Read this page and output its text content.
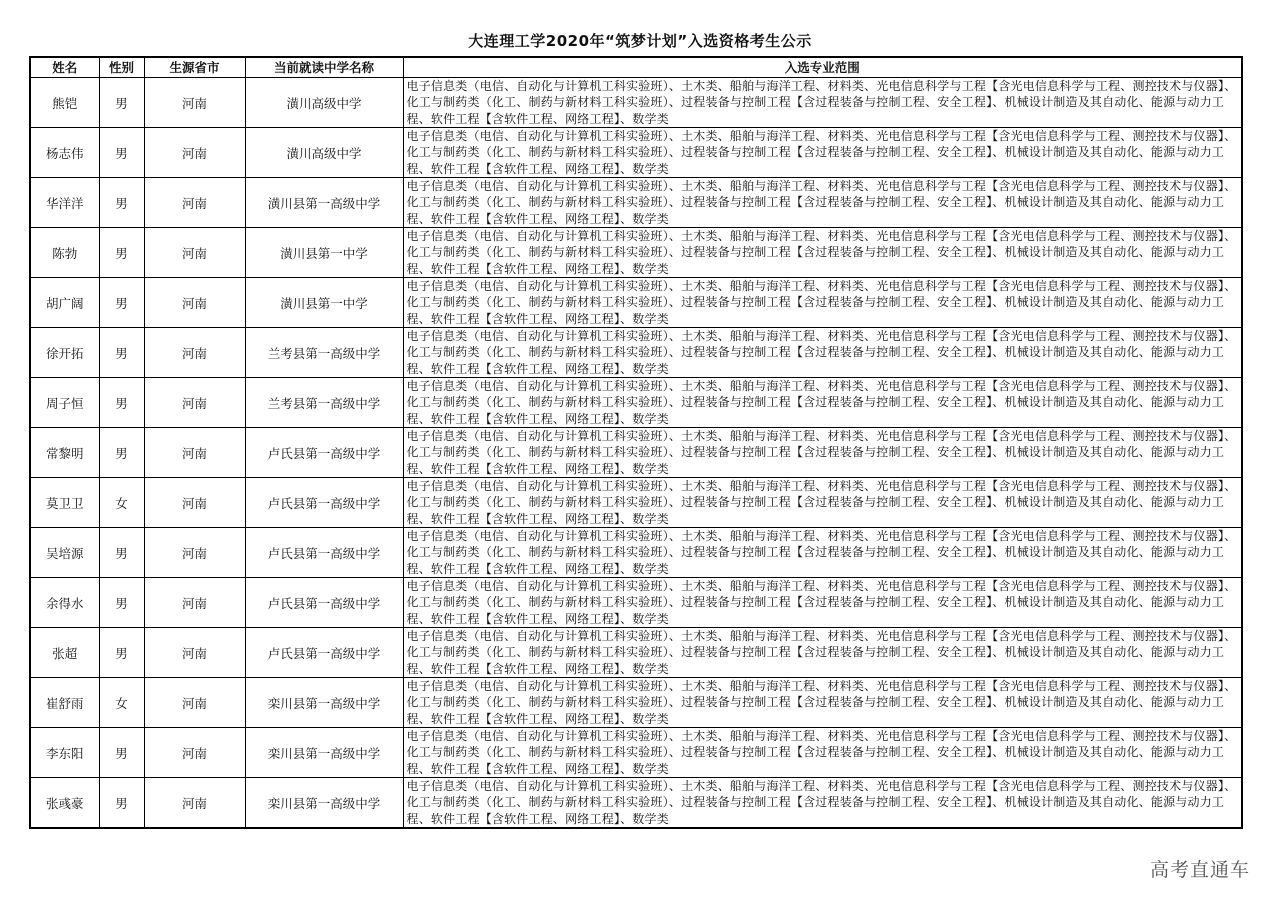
大连理工学2020年“筑梦计划”入选资格考生公示
姓名	性别	生源省市	当前就读中学名称	入选专业范围
熊铠	男	河南	潢川高级中学	电子信息类（电信、自动化与计算机工科实验班）、土木类、船舶与海洋工程、材料类、光电信息科学与工程【含光电信息科学与工程、测控技术与仪器】、化工与制药类（化工、制药与新材料工科实验班）、过程装备与控制工程【含过程装备与控制工程、安全工程】、机械设计制造及其自动化、能源与动力工程、软件工程【含软件工程、网络工程】、数学类
杨志伟	男	河南	潢川高级中学	电子信息类（电信、自动化与计算机工科实验班）、土木类、船舶与海洋工程、材料类、光电信息科学与工程【含光电信息科学与工程、测控技术与仪器】、化工与制药类（化工、制药与新材料工科实验班）、过程装备与控制工程【含过程装备与控制工程、安全工程】、机械设计制造及其自动化、能源与动力工程、软件工程【含软件工程、网络工程】、数学类
华洋洋	男	河南	潢川县第一高级中学	电子信息类（电信、自动化与计算机工科实验班）、土木类、船舶与海洋工程、材料类、光电信息科学与工程【含光电信息科学与工程、测控技术与仪器】、化工与制药类（化工、制药与新材料工科实验班）、过程装备与控制工程【含过程装备与控制工程、安全工程】、机械设计制造及其自动化、能源与动力工程、软件工程【含软件工程、网络工程】、数学类
陈勃	男	河南	潢川县第一中学	电子信息类（电信、自动化与计算机工科实验班）、土木类、船舶与海洋工程、材料类、光电信息科学与工程【含光电信息科学与工程、测控技术与仪器】、化工与制药类（化工、制药与新材料工科实验班）、过程装备与控制工程【含过程装备与控制工程、安全工程】、机械设计制造及其自动化、能源与动力工程、软件工程【含软件工程、网络工程】、数学类
胡广阔	男	河南	潢川县第一中学	电子信息类（电信、自动化与计算机工科实验班）、土木类、船舶与海洋工程、材料类、光电信息科学与工程【含光电信息科学与工程、测控技术与仪器】、化工与制药类（化工、制药与新材料工科实验班）、过程装备与控制工程【含过程装备与控制工程、安全工程】、机械设计制造及其自动化、能源与动力工程、软件工程【含软件工程、网络工程】、数学类
徐开拓	男	河南	兰考县第一高级中学	电子信息类（电信、自动化与计算机工科实验班）、土木类、船舶与海洋工程、材料类、光电信息科学与工程【含光电信息科学与工程、测控技术与仪器】、化工与制药类（化工、制药与新材料工科实验班）、过程装备与控制工程【含过程装备与控制工程、安全工程】、机械设计制造及其自动化、能源与动力工程、软件工程【含软件工程、网络工程】、数学类
周子恒	男	河南	兰考县第一高级中学	电子信息类（电信、自动化与计算机工科实验班）、土木类、船舶与海洋工程、材料类、光电信息科学与工程【含光电信息科学与工程、测控技术与仪器】、化工与制药类（化工、制药与新材料工科实验班）、过程装备与控制工程【含过程装备与控制工程、安全工程】、机械设计制造及其自动化、能源与动力工程、软件工程【含软件工程、网络工程】、数学类
常黎明	男	河南	卢氏县第一高级中学	电子信息类（电信、自动化与计算机工科实验班）、土木类、船舶与海洋工程、材料类、光电信息科学与工程【含光电信息科学与工程、测控技术与仪器】、化工与制药类（化工、制药与新材料工科实验班）、过程装备与控制工程【含过程装备与控制工程、安全工程】、机械设计制造及其自动化、能源与动力工程、软件工程【含软件工程、网络工程】、数学类
莫卫卫	女	河南	卢氏县第一高级中学	电子信息类（电信、自动化与计算机工科实验班）、土木类、船舶与海洋工程、材料类、光电信息科学与工程【含光电信息科学与工程、测控技术与仪器】、化工与制药类（化工、制药与新材料工科实验班）、过程装备与控制工程【含过程装备与控制工程、安全工程】、机械设计制造及其自动化、能源与动力工程、软件工程【含软件工程、网络工程】、数学类
吴培源	男	河南	卢氏县第一高级中学	电子信息类（电信、自动化与计算机工科实验班）、土木类、船舶与海洋工程、材料类、光电信息科学与工程【含光电信息科学与工程、测控技术与仪器】、化工与制药类（化工、制药与新材料工科实验班）、过程装备与控制工程【含过程装备与控制工程、安全工程】、机械设计制造及其自动化、能源与动力工程、软件工程【含软件工程、网络工程】、数学类
余得水	男	河南	卢氏县第一高级中学	电子信息类（电信、自动化与计算机工科实验班）、土木类、船舶与海洋工程、材料类、光电信息科学与工程【含光电信息科学与工程、测控技术与仪器】、化工与制药类（化工、制药与新材料工科实验班）、过程装备与控制工程【含过程装备与控制工程、安全工程】、机械设计制造及其自动化、能源与动力工程、软件工程【含软件工程、网络工程】、数学类
张超	男	河南	卢氏县第一高级中学	电子信息类（电信、自动化与计算机工科实验班）、土木类、船舶与海洋工程、材料类、光电信息科学与工程【含光电信息科学与工程、测控技术与仪器】、化工与制药类（化工、制药与新材料工科实验班）、过程装备与控制工程【含过程装备与控制工程、安全工程】、机械设计制造及其自动化、能源与动力工程、软件工程【含软件工程、网络工程】、数学类
崔舒雨	女	河南	栾川县第一高级中学	电子信息类（电信、自动化与计算机工科实验班）、土木类、船舶与海洋工程、材料类、光电信息科学与工程【含光电信息科学与工程、测控技术与仪器】、化工与制药类（化工、制药与新材料工科实验班）、过程装备与控制工程【含过程装备与控制工程、安全工程】、机械设计制造及其自动化、能源与动力工程、软件工程【含软件工程、网络工程】、数学类
李东阳	男	河南	栾川县第一高级中学	电子信息类（电信、自动化与计算机工科实验班）、土木类、船舶与海洋工程、材料类、光电信息科学与工程【含光电信息科学与工程、测控技术与仪器】、化工与制药类（化工、制药与新材料工科实验班）、过程装备与控制工程【含过程装备与控制工程、安全工程】、机械设计制造及其自动化、能源与动力工程、软件工程【含软件工程、网络工程】、数学类
张彧豪	男	河南	栾川县第一高级中学	电子信息类（电信、自动化与计算机工科实验班）、土木类、船舶与海洋工程、材料类、光电信息科学与工程【含光电信息科学与工程、测控技术与仪器】、化工与制药类（化工、制药与新材料工科实验班）、过程装备与控制工程【含过程装备与控制工程、安全工程】、机械设计制造及其自动化、能源与动力工程、软件工程【含软件工程、网络工程】、数学类
高考直通车
